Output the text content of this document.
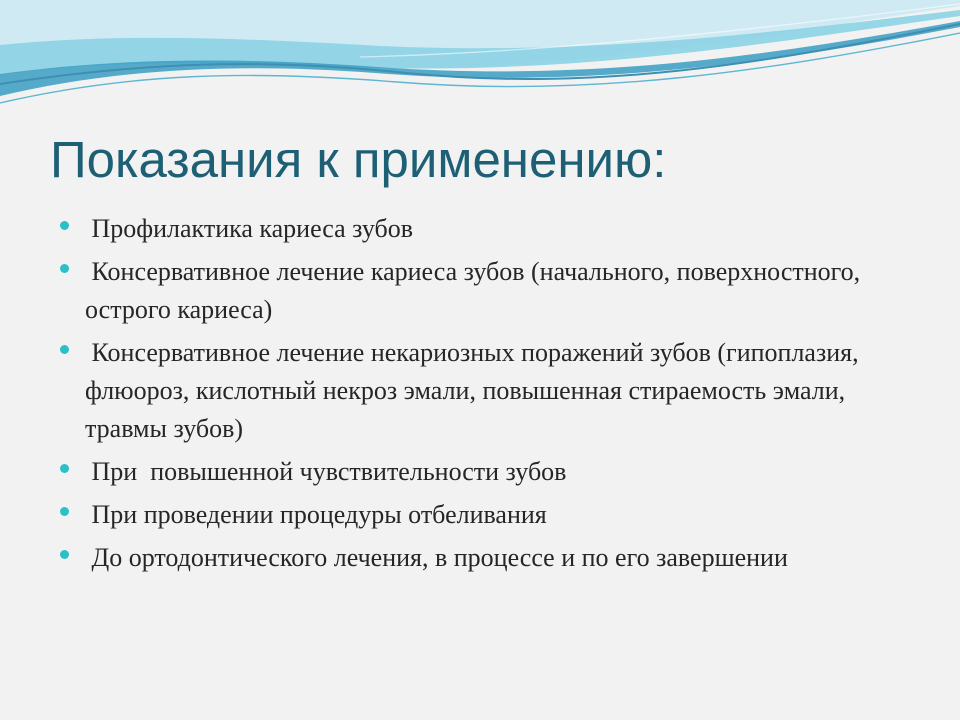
Показания к применению:
Профилактика кариеса зубов
Консервативное лечение кариеса зубов (начального, поверхностного, острого кариеса)
Консервативное лечение некариозных поражений зубов (гипоплазия, флюороз, кислотный некроз эмали, повышенная стираемость эмали, травмы зубов)
При  повышенной чувствительности зубов
При проведении процедуры отбеливания
До ортодонтического лечения, в процессе и по его завершении
